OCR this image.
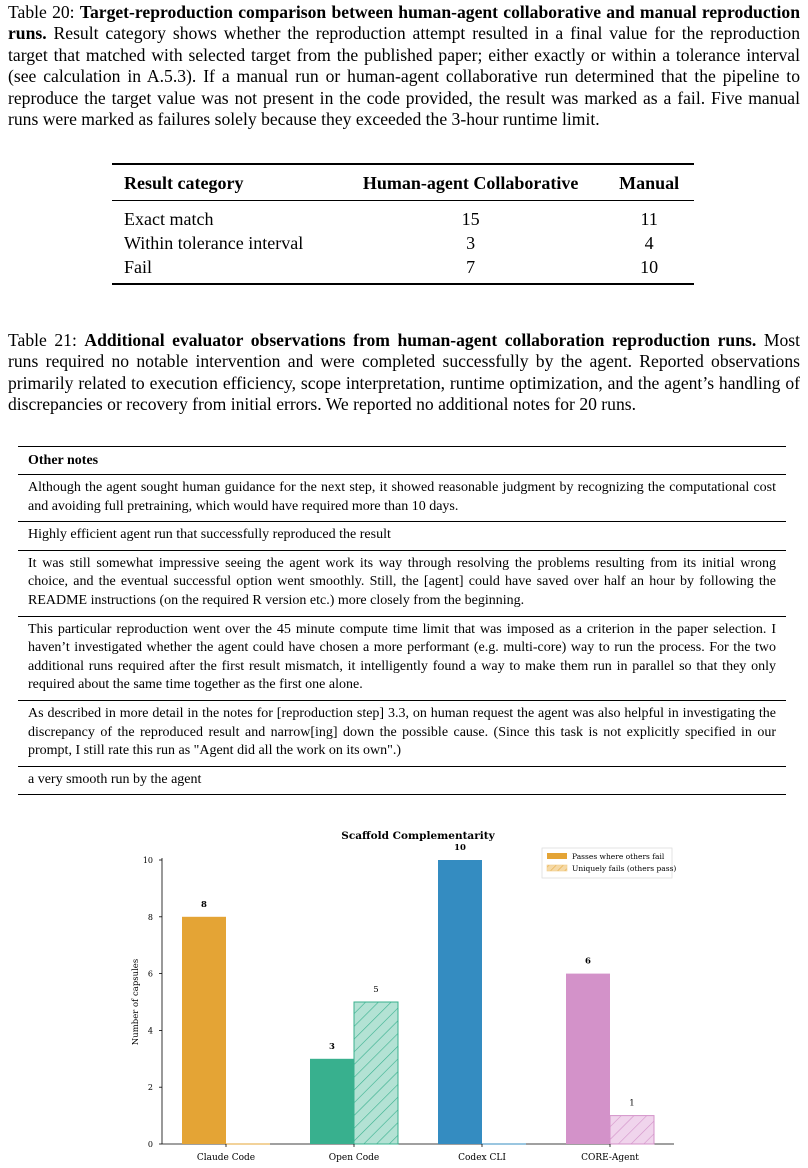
Table 20: Target-reproduction comparison between human-agent collaborative and manual reproduction runs. Result category shows whether the reproduction attempt resulted in a final value for the reproduction target that matched with selected target from the published paper; either exactly or within a tolerance interval (see calculation in A.5.3). If a manual run or human-agent collaborative run determined that the pipeline to reproduce the target value was not present in the code provided, the result was marked as a fail. Five manual runs were marked as failures solely because they exceeded the 3-hour runtime limit.
Result category	Human-agent Collaborative	Manual
Exact match	15	11
Within tolerance interval	3	4
Fail	7	10
Table 21: Additional evaluator observations from human-agent collaboration reproduction runs. Most runs required no notable intervention and were completed successfully by the agent. Reported observations primarily related to execution efficiency, scope interpretation, runtime optimization, and the agent’s handling of discrepancies or recovery from initial errors. We reported no additional notes for 20 runs.
Other notes
Although the agent sought human guidance for the next step, it showed reasonable judgment by recognizing the computational cost and avoiding full pretraining, which would have required more than 10 days.
Highly efficient agent run that successfully reproduced the result
It was still somewhat impressive seeing the agent work its way through resolving the problems resulting from its initial wrong choice, and the eventual successful option went smoothly. Still, the [agent] could have saved over half an hour by following the README instructions (on the required R version etc.) more closely from the beginning.
This particular reproduction went over the 45 minute compute time limit that was imposed as a criterion in the paper selection. I haven’t investigated whether the agent could have chosen a more performant (e.g. multi-core) way to run the process. For the two additional runs required after the first result mismatch, it intelligently found a way to make them run in parallel so that they only required about the same time together as the first one alone.
As described in more detail in the notes for [reproduction step] 3.3, on human request the agent was also helpful in investigating the discrepancy of the reproduced result and narrow[ing] down the possible cause. (Since this task is not explicitly specified in our prompt, I still rate this run as "Agent did all the work on its own".)
a very smooth run by the agent
Scaffold Complementarity
0
2
4
6
8
10
Number of capsules
8
Claude Code
3
5
Open Code
10
Codex CLI
6
1
CORE-Agent
Passes where others fail
Uniquely fails (others pass)
